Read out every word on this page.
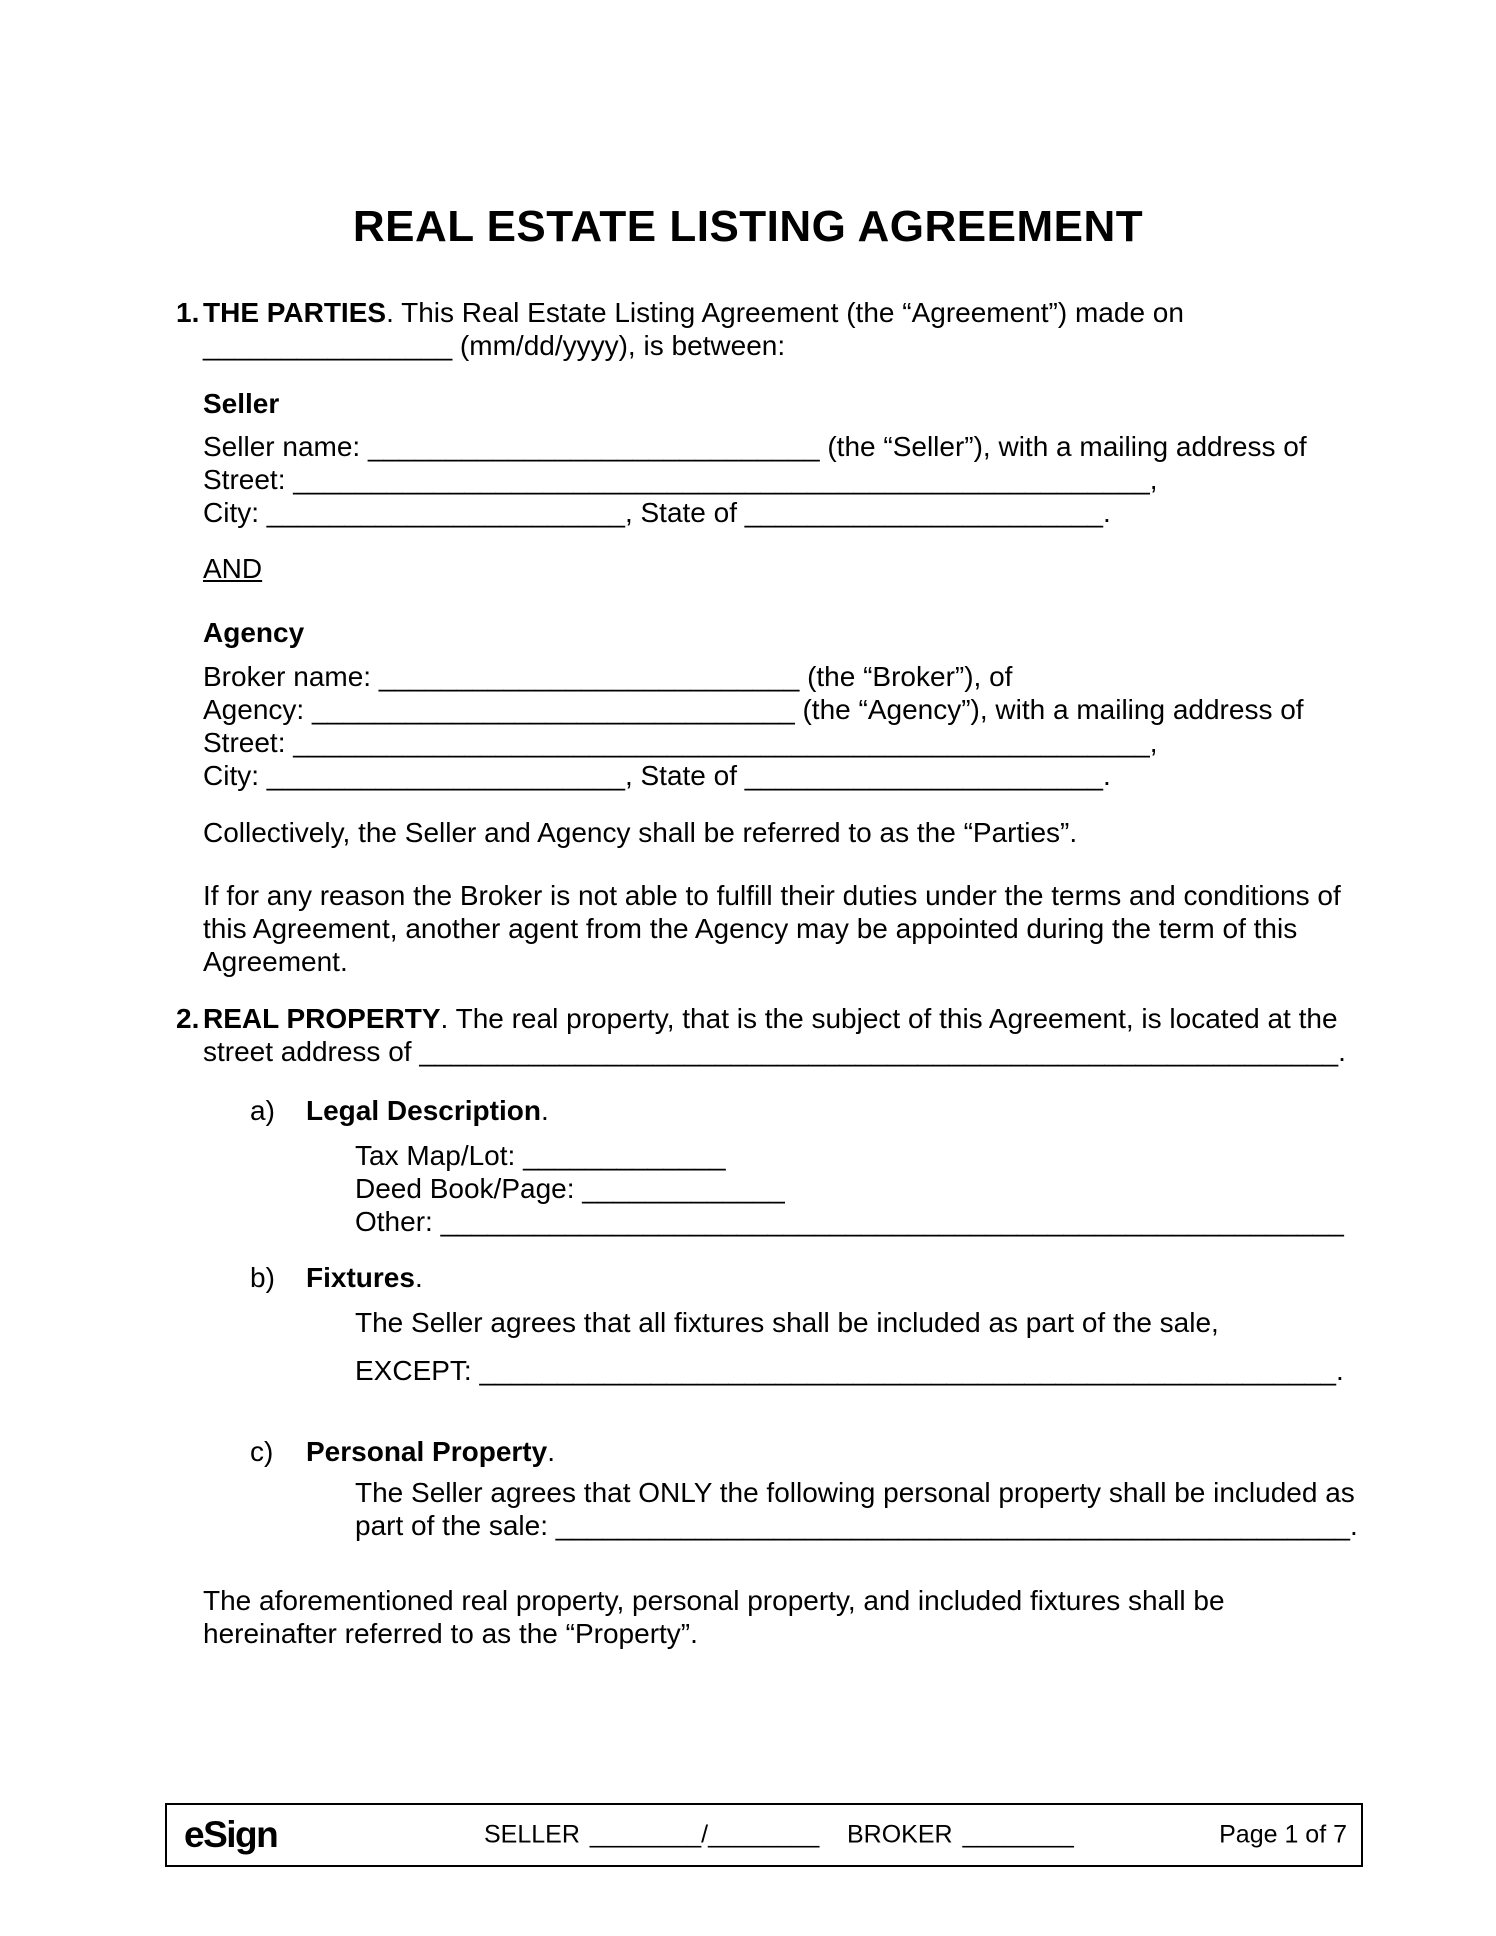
REAL ESTATE LISTING AGREEMENT
1. THE PARTIES. This Real Estate Listing Agreement (the “Agreement”) made on
________________ (mm/dd/yyyy), is between:
Seller
Seller name: _____________________________ (the “Seller”), with a mailing address of
Street: _______________________________________________________,
City: _______________________, State of _______________________.
AND
Agency
Broker name: ___________________________ (the “Broker”), of
Agency: _______________________________ (the “Agency”), with a mailing address of
Street: _______________________________________________________,
City: _______________________, State of _______________________.
Collectively, the Seller and Agency shall be referred to as the “Parties”.
If for any reason the Broker is not able to fulfill their duties under the terms and conditions of
this Agreement, another agent from the Agency may be appointed during the term of this
Agreement.
2. REAL PROPERTY. The real property, that is the subject of this Agreement, is located at the
street address of ___________________________________________________________.
a) Legal Description.
Tax Map/Lot: _____________
Deed Book/Page: _____________
Other: __________________________________________________________
b) Fixtures.
The Seller agrees that all fixtures shall be included as part of the sale,
EXCEPT: _______________________________________________________.
c) Personal Property.
The Seller agrees that ONLY the following personal property shall be included as
part of the sale: ___________________________________________________.
The aforementioned real property, personal property, and included fixtures shall be
hereinafter referred to as the “Property”.
eSign	SELLER ________/________ BROKER ________	Page 1 of 7
